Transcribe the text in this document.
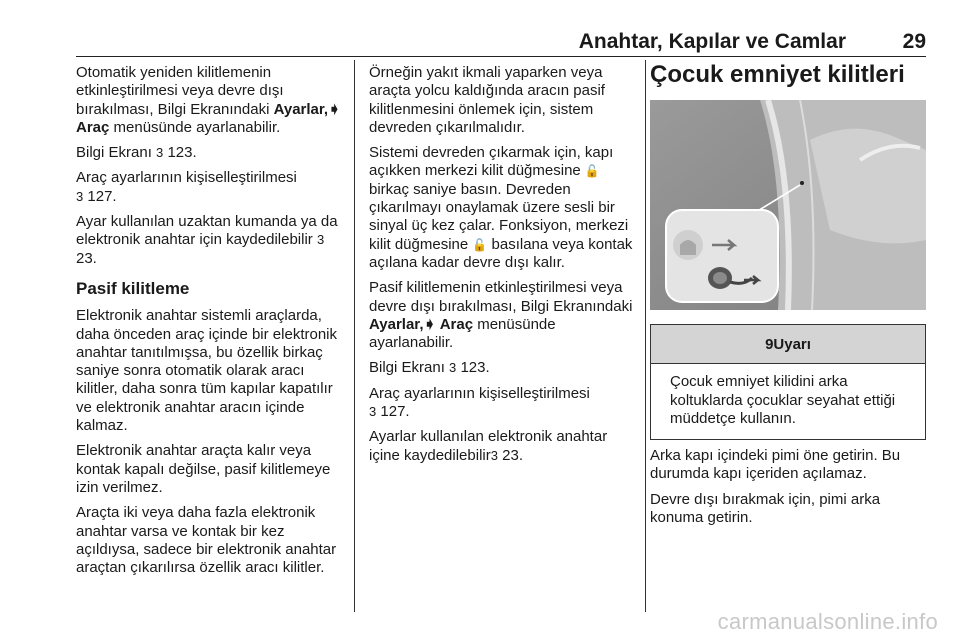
Anahtar, Kapılar ve Camlar	29

Otomatik yeniden kilitlemenin etkinleştirilmesi veya devre dışı bırakılması, Bilgi Ekranındaki Ayarlar,➧ Araç menüsünde ayarlanabilir.

Bilgi Ekranı 3 123.

Araç ayarlarının kişiselleştirilmesi
3 127.

Ayar kullanılan uzaktan kumanda ya da elektronik anahtar için kaydedilebilir 3 23.

Pasif kilitleme

Elektronik anahtar sistemli araçlarda, daha önceden araç içinde bir elektronik anahtar tanıtılmışsa, bu özellik birkaç saniye sonra otomatik olarak aracı kilitler, daha sonra tüm kapılar kapatılır ve elektronik anahtar aracın içinde kalmaz.

Elektronik anahtar araçta kalır veya kontak kapalı değilse, pasif kilitlemeye izin verilmez.

Araçta iki veya daha fazla elektronik anahtar varsa ve kontak bir kez açıldıysa, sadece bir elektronik anahtar araçtan çıkarılırsa özellik aracı kilitler.

Örneğin yakıt ikmali yaparken veya araçta yolcu kaldığında aracın pasif kilitlenmesini önlemek için, sistem devreden çıkarılmalıdır.

Sistemi devreden çıkarmak için, kapı açıkken merkezi kilit düğmesine 🔓 birkaç saniye basın. Devreden çıkarılmayı onaylamak üzere sesli bir sinyal üç kez çalar. Fonksiyon, merkezi kilit düğmesine 🔓 basılana veya kontak açılana kadar devre dışı kalır.

Pasif kilitlemenin etkinleştirilmesi veya devre dışı bırakılması, Bilgi Ekranındaki Ayarlar,➧ Araç menüsünde ayarlanabilir.

Bilgi Ekranı 3 123.

Araç ayarlarının kişiselleştirilmesi
3 127.

Ayarlar kullanılan elektronik anahtar içine kaydedilebilir3 23.

Çocuk emniyet kilitleri
9 Uyarı
Çocuk emniyet kilidini arka koltuklarda çocuklar seyahat ettiği müddetçe kullanın.

Arka kapı içindeki pimi öne getirin. Bu durumda kapı içeriden açılamaz.

Devre dışı bırakmak için, pimi arka konuma getirin.

carmanualsonline.info
